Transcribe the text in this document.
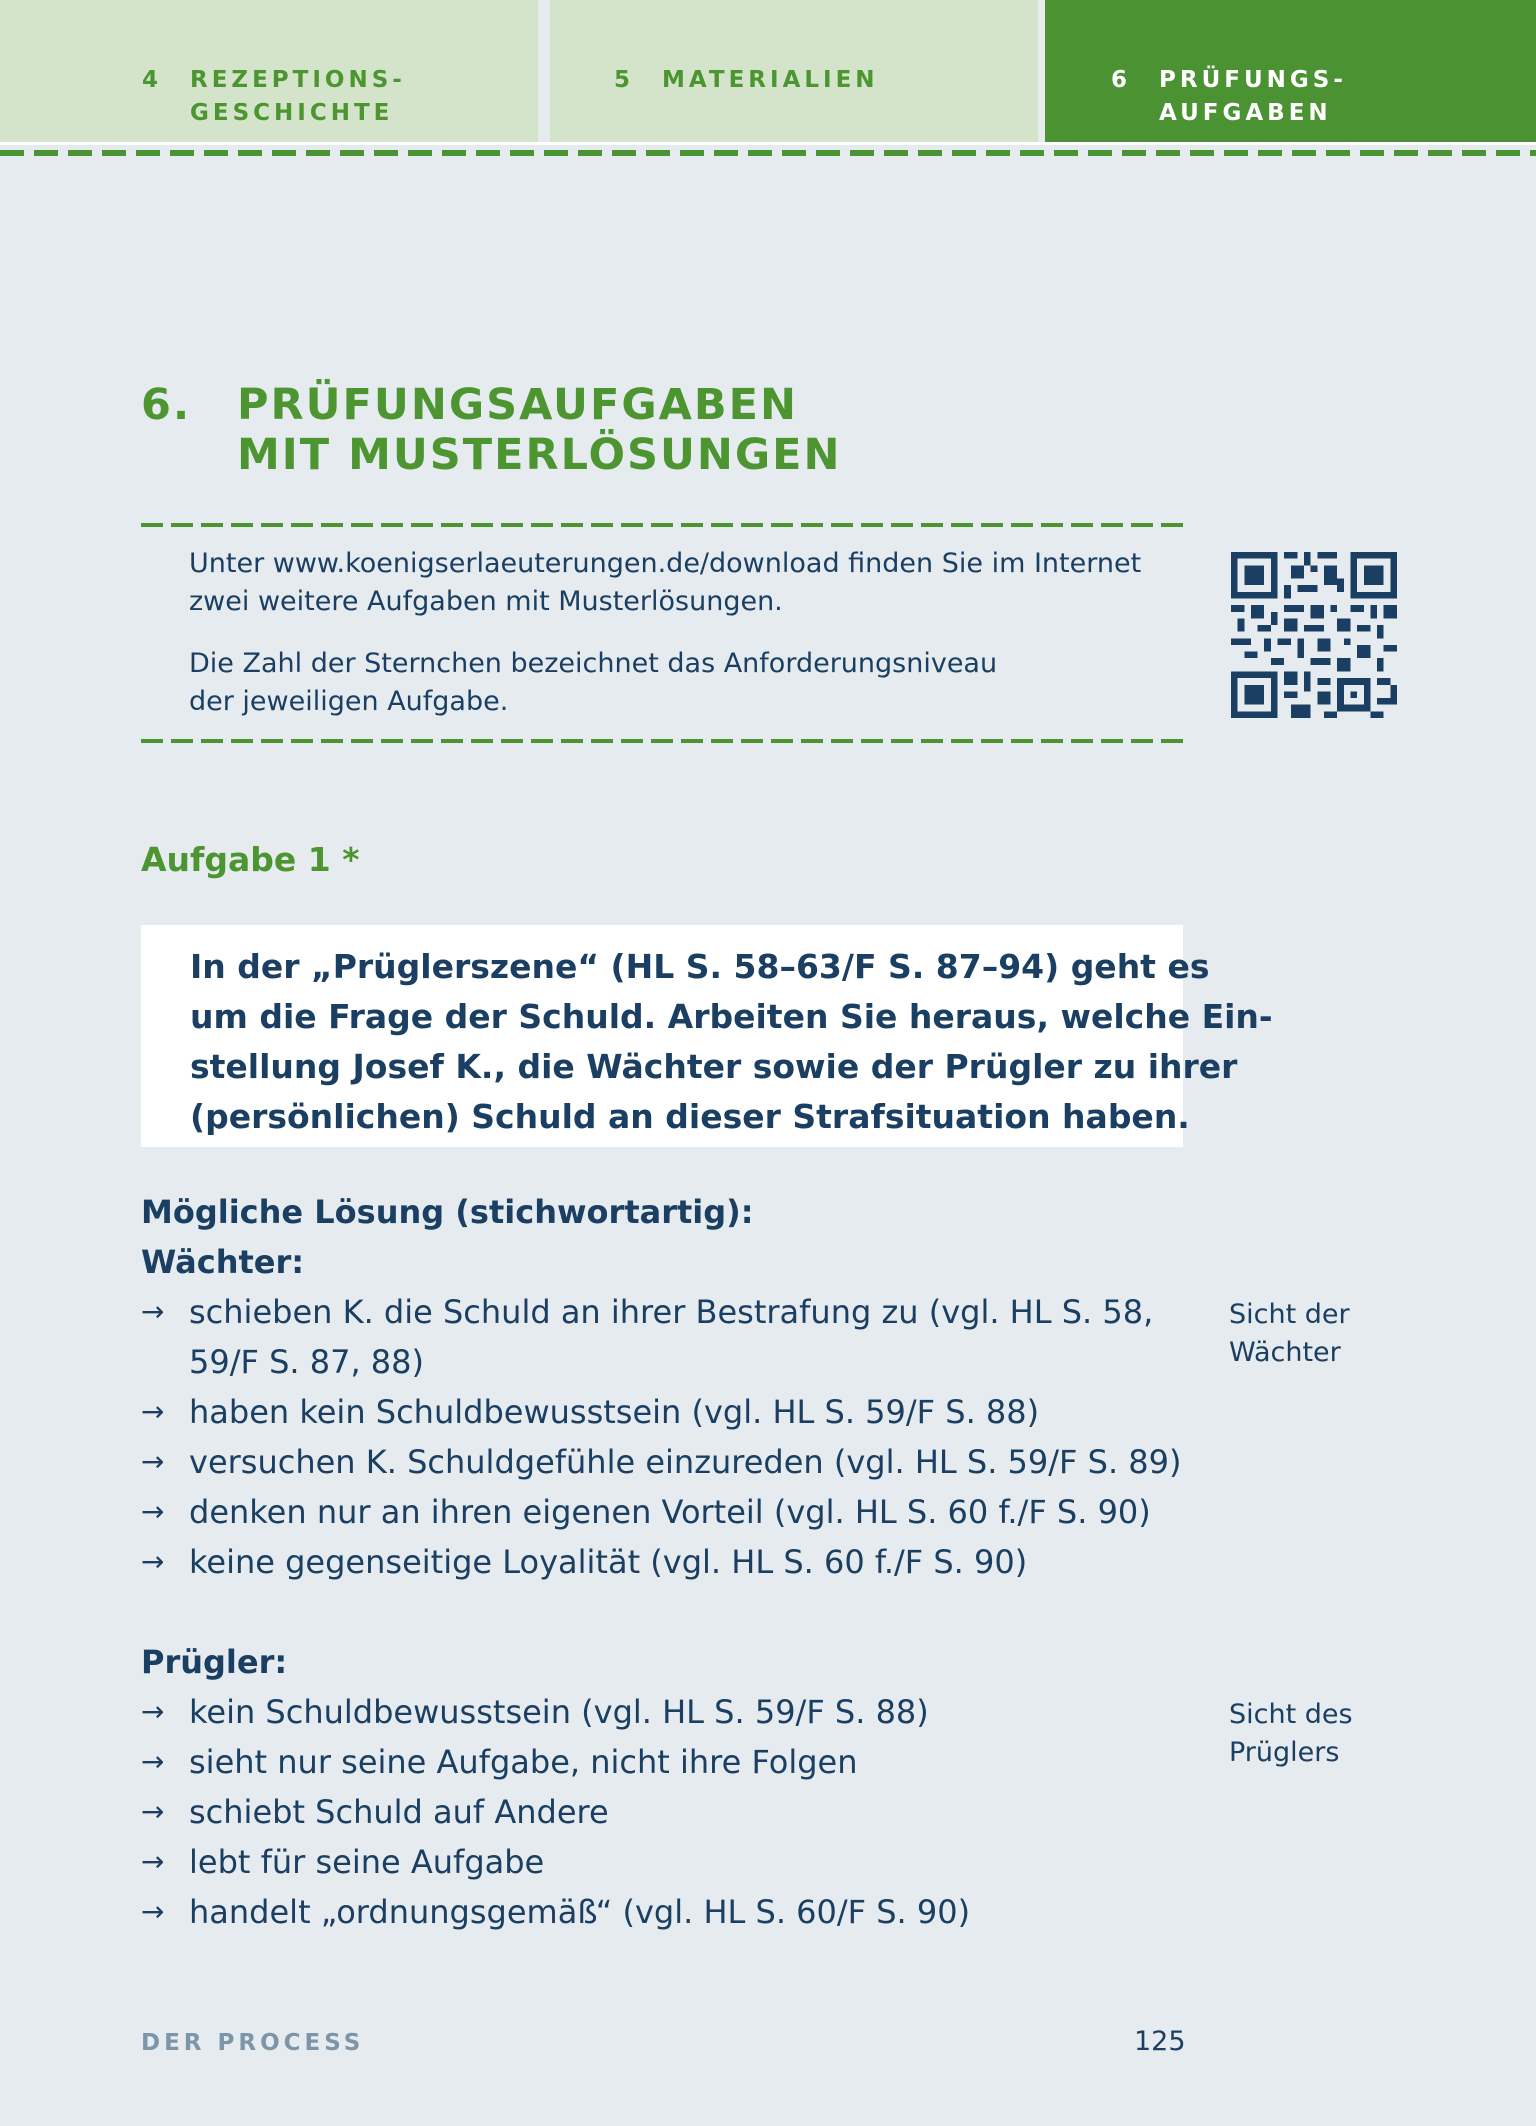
4	REZEPTIONS-
GESCHICHTE
5	MATERIALIEN	6	PRÜFUNGS-
AUFGABEN
6. PRÜFUNGSAUFGABEN
MIT MUSTERLÖSUNGEN

Unter www.koenigserlaeuterungen.de/download finden Sie im Internet
zwei weitere Aufgaben mit Musterlösungen.

Die Zahl der Sternchen bezeichnet das Anforderungsniveau
der jeweiligen Aufgabe.

Aufgabe 1 *
In der „Prüglerszene“ (HL S. 58–63/F S. 87–94) geht es
um die Frage der Schuld. Arbeiten Sie heraus, welche Ein-
stellung Josef K., die Wächter sowie der Prügler zu ihrer
(persönlichen) Schuld an dieser Strafsituation haben.
Mögliche Lösung (stichwortartig):
Wächter:
→ schieben K. die Schuld an ihrer Bestrafung zu (vgl. HL S. 58,
59/F S. 87, 88)
→ haben kein Schuldbewusstsein (vgl. HL S. 59/F S. 88)
→ versuchen K. Schuldgefühle einzureden (vgl. HL S. 59/F S. 89)
→ denken nur an ihren eigenen Vorteil (vgl. HL S. 60 f./F S. 90)
→ keine gegenseitige Loyalität (vgl. HL S. 60 f./F S. 90)
Sicht der
Wächter
Prügler:
→ kein Schuldbewusstsein (vgl. HL S. 59/F S. 88)
→ sieht nur seine Aufgabe, nicht ihre Folgen
→ schiebt Schuld auf Andere
→ lebt für seine Aufgabe
→ handelt „ordnungsgemäß“ (vgl. HL S. 60/F S. 90)
Sicht des
Prüglers
DER PROCESS	125
